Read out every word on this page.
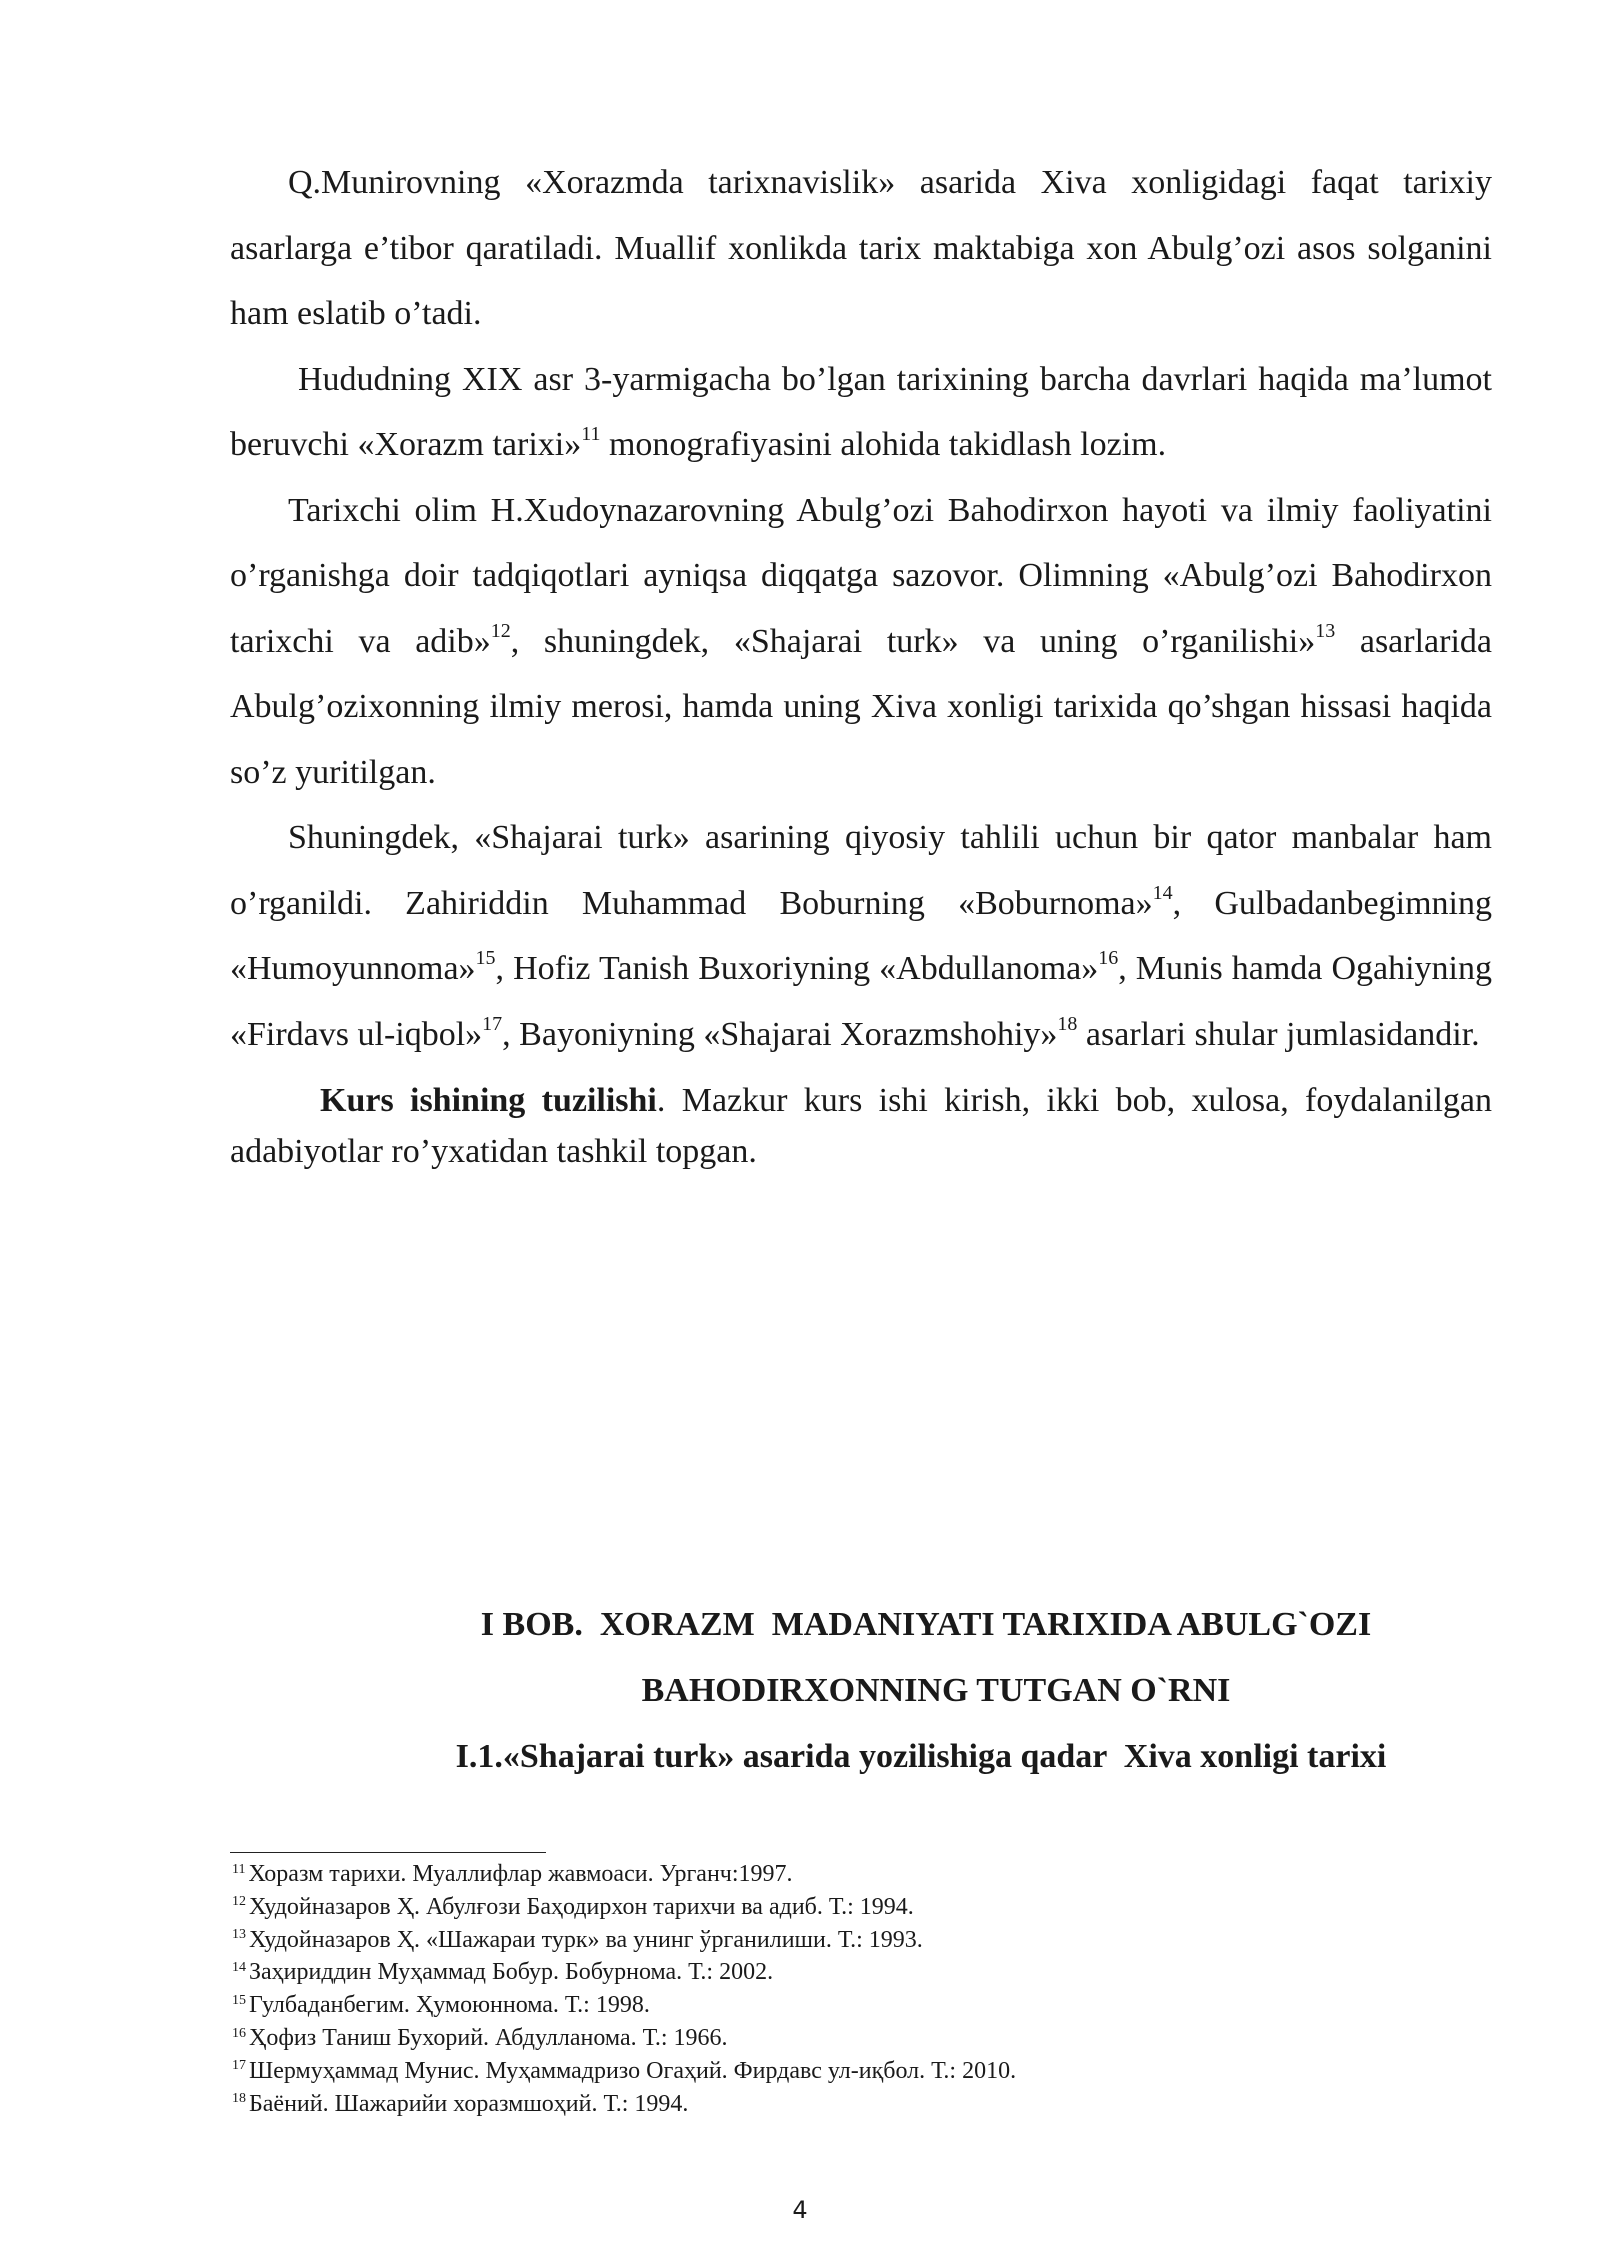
Q.Munirovning «Xorazmda tarixnavislik» asarida Xiva xonligidagi faqat tarixiy asarlarga e’tibor qaratiladi. Muallif xonlikda tarix maktabiga xon Abulg’ozi asos solganini ham eslatib o’tadi.

Hududning XIX asr 3-yarmigacha bo’lgan tarixining barcha davrlari haqida ma’lumot beruvchi «Xorazm tarixi»$^{11}$ monografiyasini alohida takidlash lozim.

Tarixchi olim H.Xudoynazarovning Abulg’ozi Bahodirxon hayoti va ilmiy faoliyatini o’rganishga doir tadqiqotlari ayniqsa diqqatga sazovor. Olimning «Abulg’ozi Bahodirxon tarixchi va adib»$^{12}$, shuningdek, «Shajarai turk» va uning o’rganilishi»$^{13}$ asarlarida Abulg’ozixonning ilmiy merosi, hamda uning Xiva xonligi tarixida qo’shgan hissasi haqida so’z yuritilgan.

Shuningdek, «Shajarai turk» asarining qiyosiy tahlili uchun bir qator manbalar ham o’rganildi. Zahiriddin Muhammad Boburning «Boburnoma»$^{14}$, Gulbadanbegimning «Humoyunnoma»$^{15}$, Hofiz Tanish Buxoriyning «Abdullanoma»$^{16}$, Munis hamda Ogahiyning «Firdavs ul-iqbol»$^{17}$, Bayoniyning «Shajarai Xorazmshohiy»$^{18}$ asarlari shular jumlasidandir.

Kurs ishining tuzilishi. Mazkur kurs ishi kirish, ikki bob, xulosa, foydalanilgan adabiyotlar ro’yxatidan tashkil topgan.

I BOB.  XORAZM  MADANIYATI TARIXIDA ABULG`OZI

BAHODIRXONNING TUTGAN O`RNI

I.1.«Shajarai turk» asarida yozilishiga qadar  Xiva xonligi tarixi

$^{11}$ Хоразм тарихи. Муаллифлар жавмоаси. Урганч:1997.

$^{12}$ Худойназаров Ҳ. Абулғози Баҳодирхон тарихчи ва адиб. Т.: 1994.

$^{13}$ Худойназаров Ҳ. «Шажараи турк» ва унинг ўрганилиши. Т.: 1993.

$^{14}$ Заҳириддин Муҳаммад Бобур. Бобурнома. Т.: 2002.

$^{15}$ Гулбаданбегим. Ҳумоюннома. Т.: 1998.

$^{16}$ Ҳофиз Таниш Бухорий. Абдулланома. Т.: 1966.

$^{17}$ Шермуҳаммад Мунис. Муҳаммадризо Огаҳий. Фирдавс ул-иқбол. Т.: 2010.

$^{18}$ Баёний. Шажарийи хоразмшоҳий. Т.: 1994.

4
